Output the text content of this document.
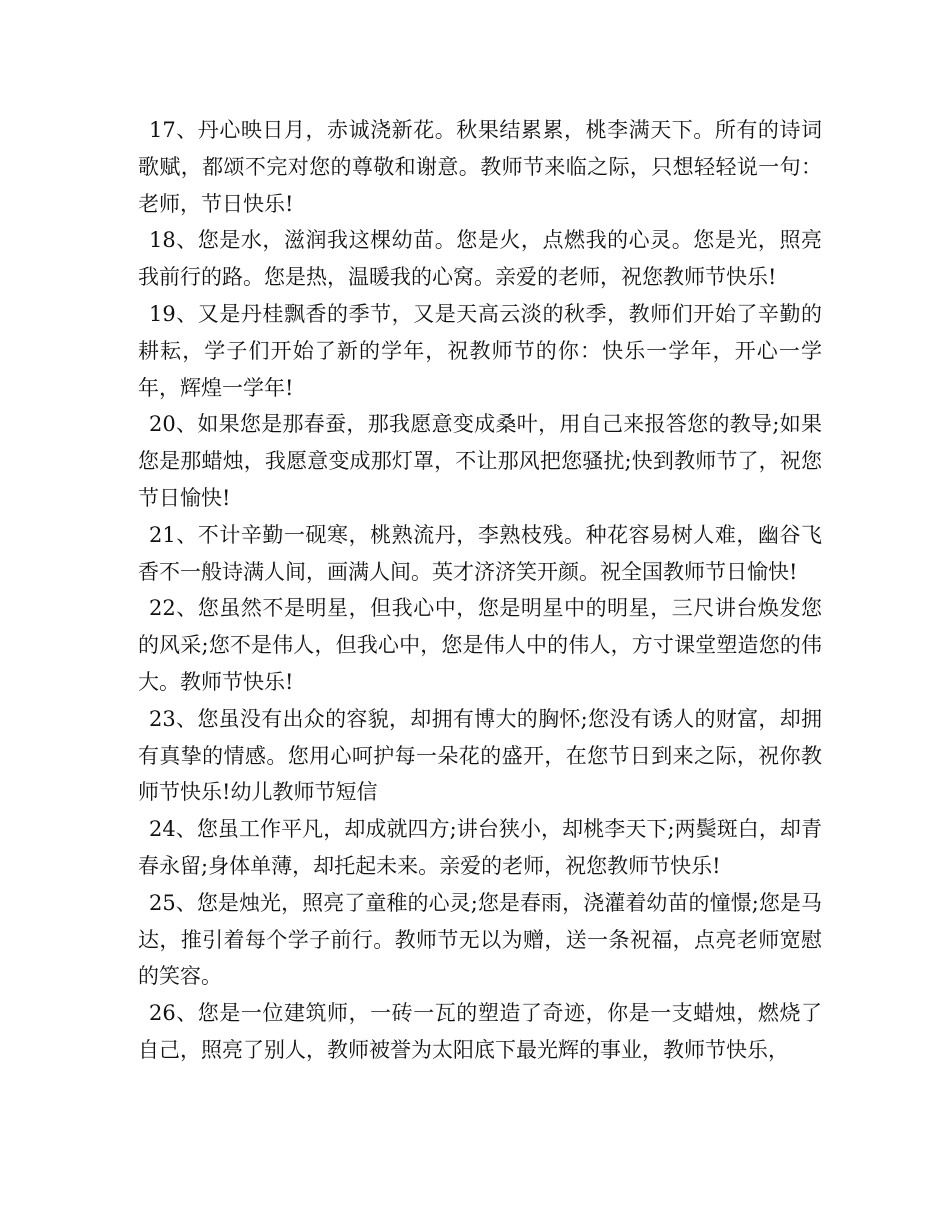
17、丹心映日月，赤诚浇新花。秋果结累累，桃李满天下。所有的诗词歌赋，都颂不完对您的尊敬和谢意。教师节来临之际，只想轻轻说一句：老师，节日快乐!

18、您是水，滋润我这棵幼苗。您是火，点燃我的心灵。您是光，照亮我前行的路。您是热，温暖我的心窝。亲爱的老师，祝您教师节快乐!

19、又是丹桂飘香的季节，又是天高云淡的秋季，教师们开始了辛勤的耕耘，学子们开始了新的学年，祝教师节的你：快乐一学年，开心一学年，辉煌一学年!

20、如果您是那春蚕，那我愿意变成桑叶，用自己来报答您的教导;如果您是那蜡烛，我愿意变成那灯罩，不让那风把您骚扰;快到教师节了，祝您节日愉快!

21、不计辛勤一砚寒，桃熟流丹，李熟枝残。种花容易树人难，幽谷飞香不一般诗满人间，画满人间。英才济济笑开颜。祝全国教师节日愉快!

22、您虽然不是明星，但我心中，您是明星中的明星，三尺讲台焕发您的风采;您不是伟人，但我心中，您是伟人中的伟人，方寸课堂塑造您的伟大。教师节快乐!

23、您虽没有出众的容貌，却拥有博大的胸怀;您没有诱人的财富，却拥有真挚的情感。您用心呵护每一朵花的盛开，在您节日到来之际，祝你教师节快乐!幼儿教师节短信

24、您虽工作平凡，却成就四方;讲台狭小，却桃李天下;两鬓斑白，却青春永留;身体单薄，却托起未来。亲爱的老师，祝您教师节快乐!

25、您是烛光，照亮了童稚的心灵;您是春雨，浇灌着幼苗的憧憬;您是马达，推引着每个学子前行。教师节无以为赠，送一条祝福，点亮老师宽慰的笑容。

26、您是一位建筑师，一砖一瓦的塑造了奇迹，你是一支蜡烛，燃烧了自己，照亮了别人，教师被誉为太阳底下最光辉的事业，教师节快乐，
